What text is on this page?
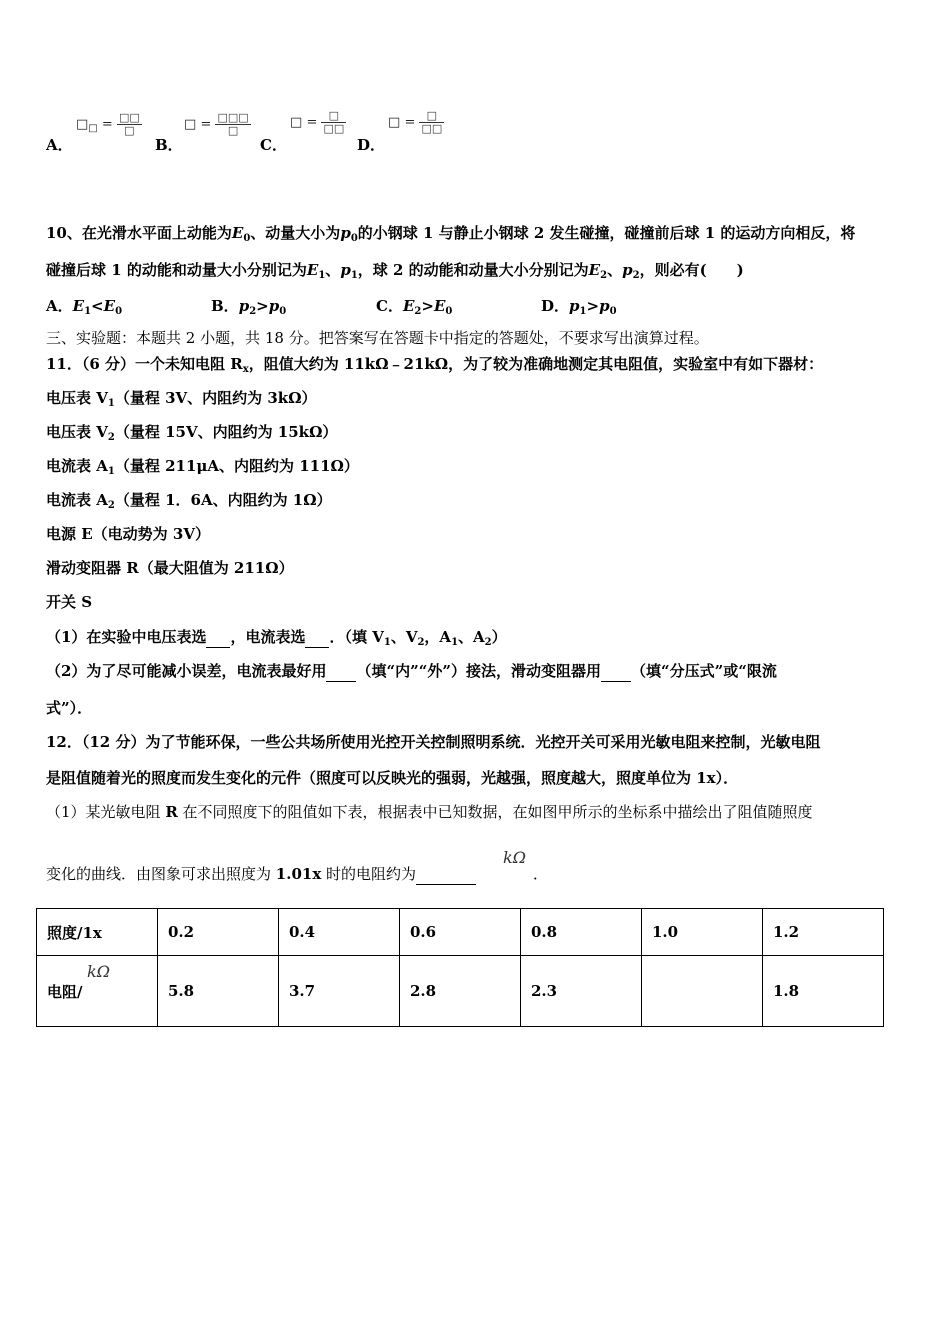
A．
$□_□ = \frac{□□}{□}$
B．
□ = $\frac{□□□}{□}$
C．
□ = $\frac{□}{□□}$
D．
□ = $\frac{□}{□□}$
10、在光滑水平面上动能为$E_0$、动量大小为$p_0$的小钢球 1 与静止小钢球 2 发生碰撞，碰撞前后球 1 的运动方向相反，将
碰撞后球 1 的动能和动量大小分别记为$E_1$、$p_1$，球 2 的动能和动量大小分别记为$E_2$、$p_2$，则必有(　　)
A．$E_1<E_0$	B．$p_2>p_0$	C．$E_2>E_0$	D．$p_1>p_0$
三、实验题：本题共 2 小题，共 18 分。把答案写在答题卡中指定的答题处，不要求写出演算过程。
11．（6 分）一个未知电阻 $R_x$，阻值大约为 11kΩ﹣21kΩ，为了较为准确地测定其电阻值，实验室中有如下器材：
电压表 $V_1$（量程 3V、内阻约为 3kΩ）
电压表 $V_2$（量程 15V、内阻约为 15kΩ）
电流表 $A_1$（量程 211μA、内阻约为 111Ω）
电流表 $A_2$（量程 1．6A、内阻约为 1Ω）
电源 E（电动势为 3V）
滑动变阻器 R（最大阻值为 211Ω）
开关 S
（1）在实验中电压表选 ，电流表选 ．（填 $V_1$、$V_2$，$A_1$、$A_2$）
（2）为了尽可能减小误差，电流表最好用 （填“内”“外”）接法，滑动变阻器用 （填“分压式”或“限流
式”）．
12．（12 分）为了节能环保，一些公共场所使用光控开关控制照明系统．光控开关可采用光敏电阻来控制，光敏电阻
是阻值随着光的照度而发生变化的元件（照度可以反映光的强弱，光越强，照度越大，照度单位为 1x）．
（1）某光敏电阻 R 在不同照度下的阻值如下表，根据表中已知数据，在如图甲所示的坐标系中描绘出了阻值随照度
变化的曲线．由图象可求出照度为 1.01x 时的电阻约为
kΩ
．
照度/1x	0.2	0.4	0.6	0.8	1.0	1.2
电阻/
kΩ	5.8	3.7	2.8	2.3		1.8
